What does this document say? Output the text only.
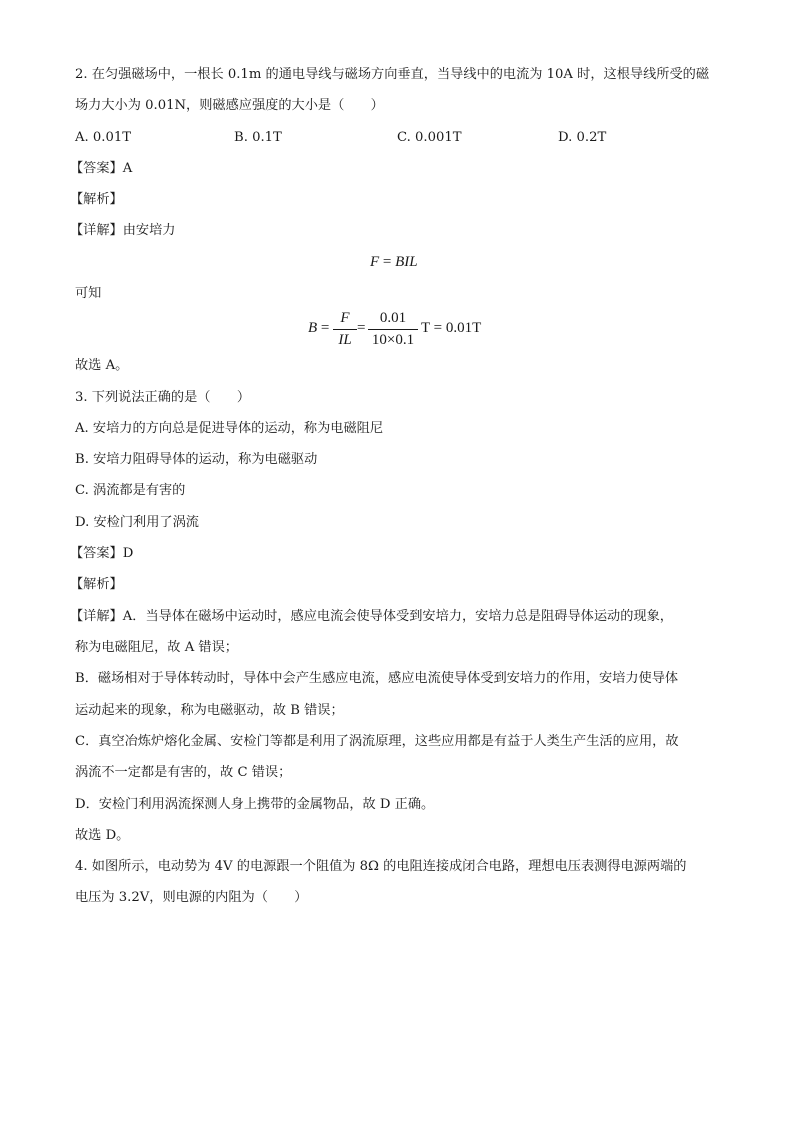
2. 在匀强磁场中，一根长 0.1m 的通电导线与磁场方向垂直，当导线中的电流为 10A 时，这根导线所受的磁
场力大小为 0.01N，则磁感应强度的大小是（　　）
A. 0.01T	B. 0.1T	C. 0.001T	D. 0.2T
【答案】A
【解析】
【详解】由安培力
F = BIL
可知
$B = \frac{F}{IL} = \frac{0.01}{10\times 0.1}$ T = 0.01T
故选 A。
3. 下列说法正确的是（　　）
A. 安培力的方向总是促进导体的运动，称为电磁阻尼
B. 安培力阻碍导体的运动，称为电磁驱动
C. 涡流都是有害的
D. 安检门利用了涡流
【答案】D
【解析】
【详解】A．当导体在磁场中运动时，感应电流会使导体受到安培力，安培力总是阻碍导体运动的现象，
称为电磁阻尼，故 A 错误；
B．磁场相对于导体转动时，导体中会产生感应电流，感应电流使导体受到安培力的作用，安培力使导体
运动起来的现象，称为电磁驱动，故 B 错误；
C．真空冶炼炉熔化金属、安检门等都是利用了涡流原理，这些应用都是有益于人类生产生活的应用，故
涡流不一定都是有害的，故 C 错误；
D．安检门利用涡流探测人身上携带的金属物品，故 D 正确。
故选 D。
4. 如图所示，电动势为 4V 的电源跟一个阻值为 8Ω 的电阻连接成闭合电路，理想电压表测得电源两端的
电压为 3.2V，则电源的内阻为（　　）
